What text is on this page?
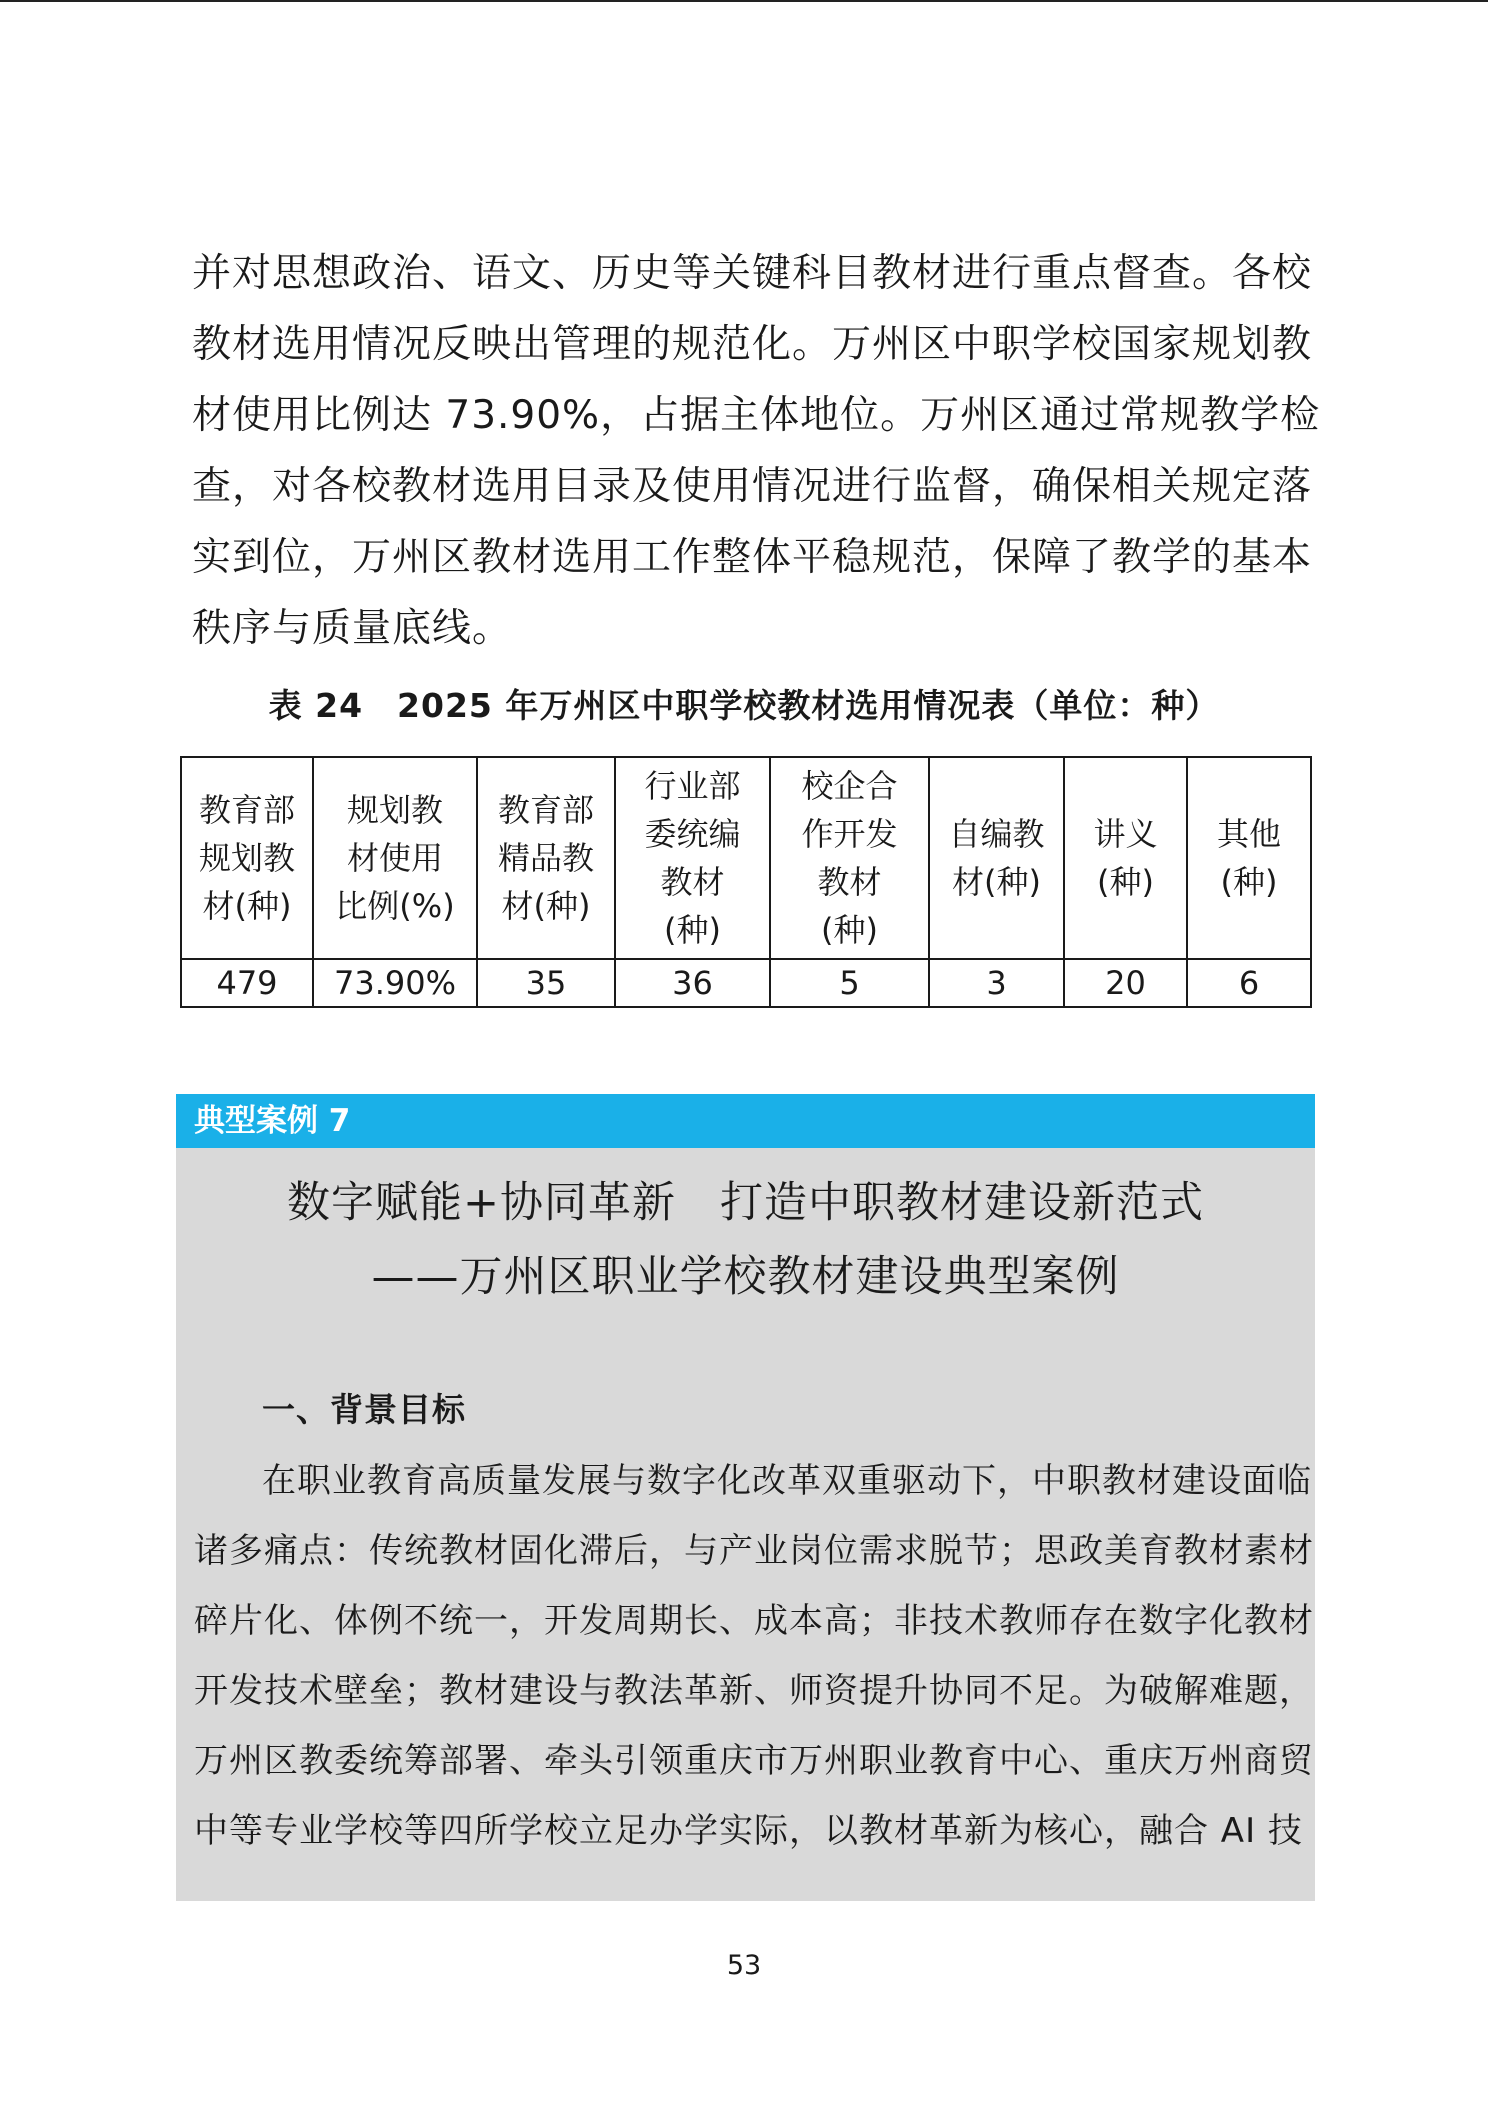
并对思想政治、语文、历史等关键科目教材进行重点督查。各校
教材选用情况反映出管理的规范化。万州区中职学校国家规划教
材使用比例达 73.90%，占据主体地位。万州区通过常规教学检
查，对各校教材选用目录及使用情况进行监督，确保相关规定落
实到位，万州区教材选用工作整体平稳规范，保障了教学的基本
秩序与质量底线。
表 24　2025 年万州区中职学校教材选用情况表（单位：种）
教育部
规划教
材(种)	规划教
材使用
比例(%)	教育部
精品教
材(种)	行业部
委统编
教材
(种)	校企合
作开发
教材
(种)	自编教
材(种)	讲义
(种)	其他
(种)

479	73.90%	35	36	5	3	20	6
典型案例 7
数字赋能+协同革新　打造中职教材建设新范式
——万州区职业学校教材建设典型案例
一、背景目标
在职业教育高质量发展与数字化改革双重驱动下，中职教材建设面临
诸多痛点：传统教材固化滞后，与产业岗位需求脱节；思政美育教材素材
碎片化、体例不统一，开发周期长、成本高；非技术教师存在数字化教材
开发技术壁垒；教材建设与教法革新、师资提升协同不足。为破解难题，
万州区教委统筹部署、牵头引领重庆市万州职业教育中心、重庆万州商贸
中等专业学校等四所学校立足办学实际，以教材革新为核心，融合 AI 技
53
